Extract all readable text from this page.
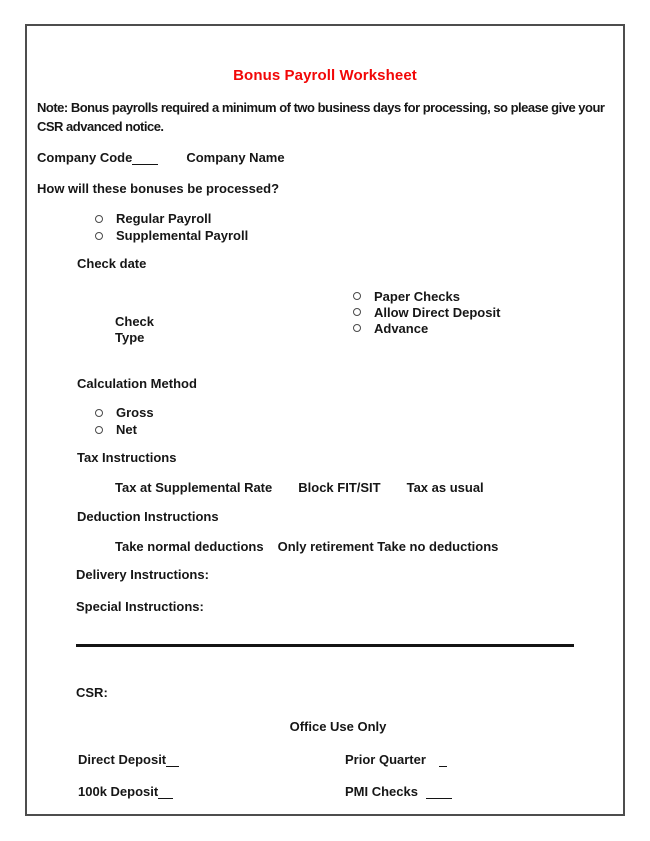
Bonus Payroll Worksheet
Note: Bonus payrolls required a minimum of two business days for processing, so please give your
CSR advanced notice.
Company Code	Company Name
How will these bonuses be processed?
Regular Payroll
Supplemental Payroll
Check date
Paper Checks
Allow Direct Deposit
Advance
Check
Type
Calculation Method
Gross
Net
Tax Instructions
Tax at Supplemental Rate Block FIT/SIT Tax as usual
Deduction Instructions
Take normal deductions Only retirement Take no deductions
Delivery Instructions:
Special Instructions:
CSR:
Office Use Only
Direct Deposit	Prior Quarter
100k Deposit	PMI Checks
